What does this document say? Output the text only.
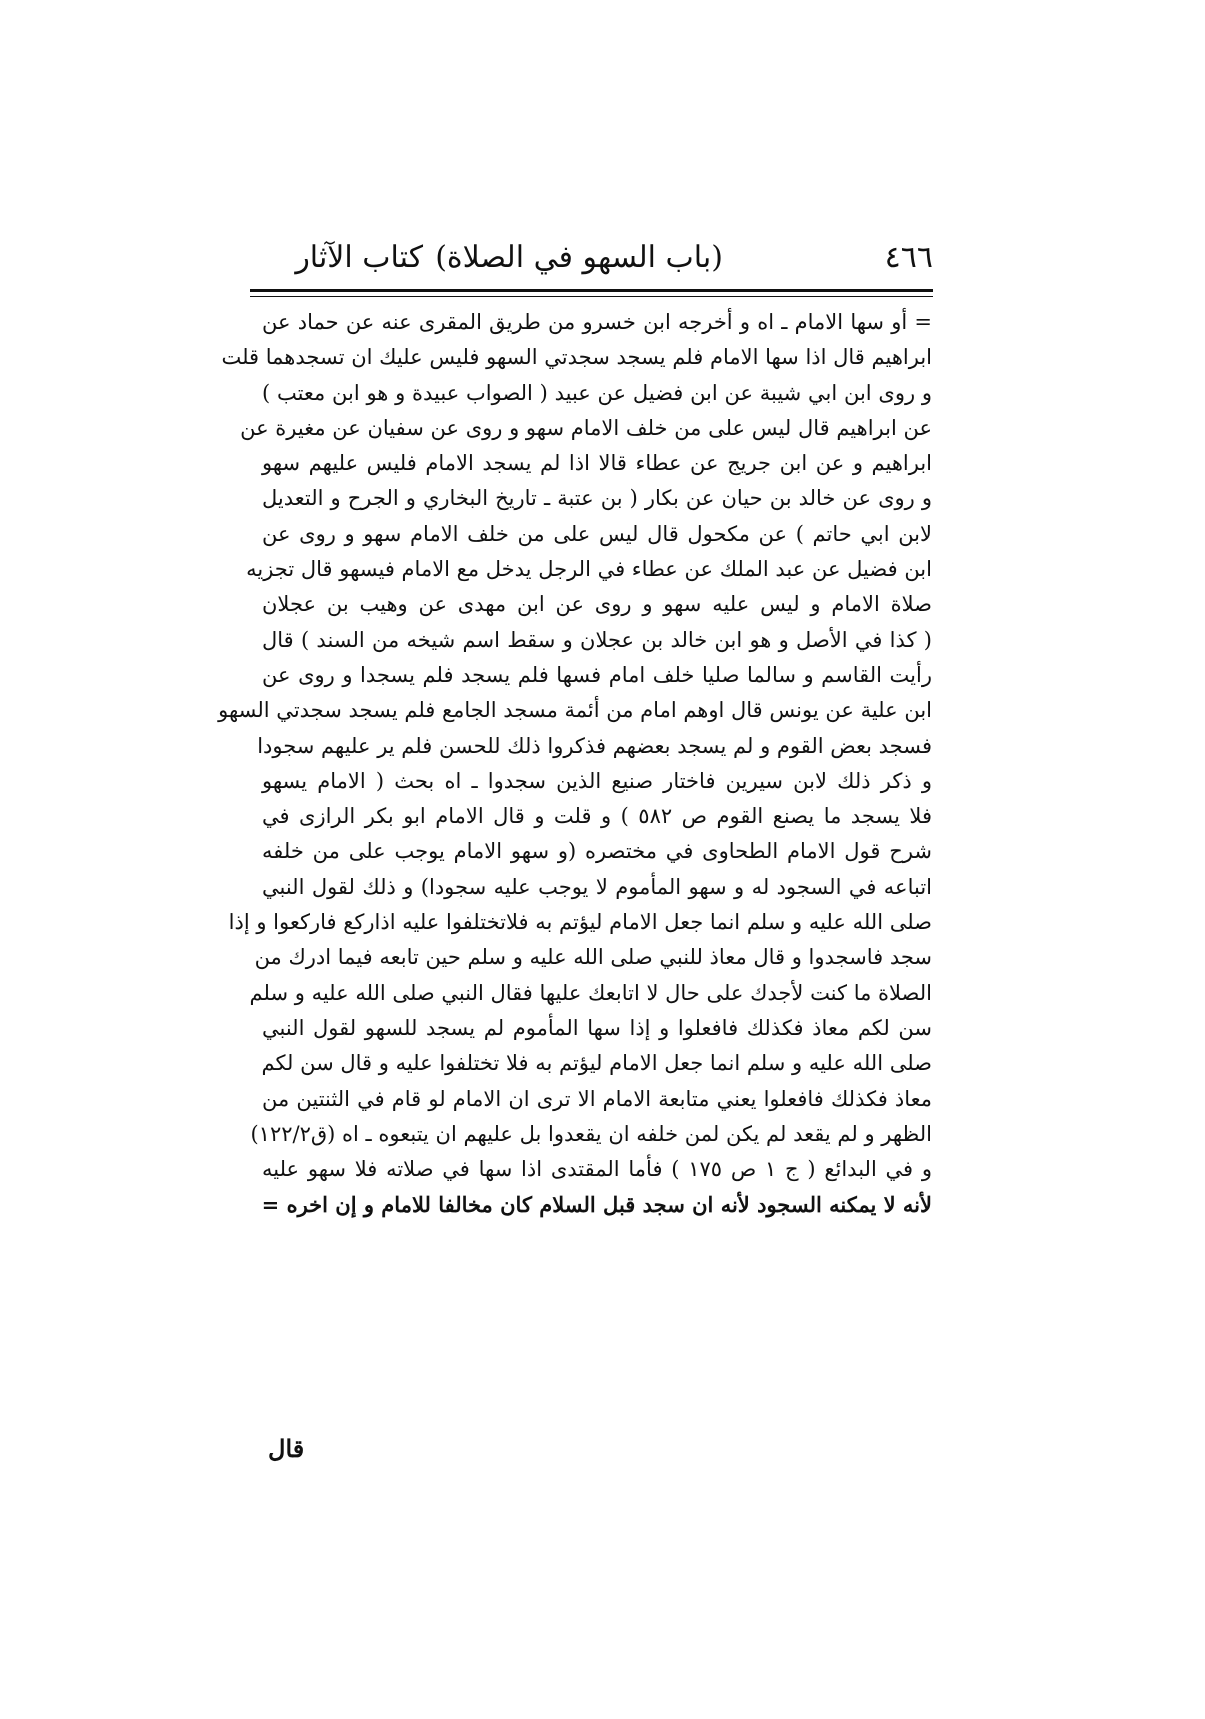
٤٦٦
(باب السهو في الصلاة)
كتاب الآثار
= أو سها الامام ـ اه و أخرجه ابن خسرو من طريق المقرى عنه عن حماد عن
ابراهيم قال اذا سها الامام فلم يسجد سجدتي السهو فليس عليك ان تسجدهما قلت
و روى ابن ابي شيبة عن ابن فضيل عن عبيد ( الصواب عبيدة و هو ابن معتب )
عن ابراهيم قال ليس على من خلف الامام سهو و روى عن سفيان عن مغيرة عن
ابراهيم و عن ابن جريج عن عطاء قالا اذا لم يسجد الامام فليس عليهم سهو
و روى عن خالد بن حيان عن بكار ( بن عتبة ـ تاريخ البخاري و الجرح و التعديل
لابن ابي حاتم ) عن مكحول قال ليس على من خلف الامام سهو و روى عن
ابن فضيل عن عبد الملك عن عطاء في الرجل يدخل مع الامام فيسهو قال تجزيه
صلاة الامام و ليس عليه سهو و روى عن ابن مهدى عن وهيب بن عجلان
( كذا في الأصل و هو ابن خالد بن عجلان و سقط اسم شيخه من السند ) قال
رأيت القاسم و سالما صليا خلف امام فسها فلم يسجد فلم يسجدا و روى عن
ابن علية عن يونس قال اوهم امام من أئمة مسجد الجامع فلم يسجد سجدتي السهو
فسجد بعض القوم و لم يسجد بعضهم فذكروا ذلك للحسن فلم ير عليهم سجودا
و ذكر ذلك لابن سيرين فاختار صنيع الذين سجدوا ـ اه بحث ( الامام يسهو
فلا يسجد ما يصنع القوم ص ٥٨٢ ) و قلت و قال الامام ابو بكر الرازى في
شرح قول الامام الطحاوى في مختصره (و سهو الامام يوجب على من خلفه
اتباعه في السجود له و سهو المأموم لا يوجب عليه سجودا) و ذلك لقول النبي
صلى الله عليه و سلم انما جعل الامام ليؤتم به فلاتختلفوا عليه اذاركع فاركعوا و إذا
سجد فاسجدوا و قال معاذ للنبي صلى الله عليه و سلم حين تابعه فيما ادرك من
الصلاة ما كنت لأجدك على حال لا اتابعك عليها فقال النبي صلى الله عليه و سلم
سن لكم معاذ فكذلك فافعلوا و إذا سها المأموم لم يسجد للسهو لقول النبي
صلى الله عليه و سلم انما جعل الامام ليؤتم به فلا تختلفوا عليه و قال سن لكم
معاذ فكذلك فافعلوا يعني متابعة الامام الا ترى ان الامام لو قام في الثنتين من
الظهر و لم يقعد لم يكن لمن خلفه ان يقعدوا بل عليهم ان يتبعوه ـ اه (ق١٢٢/٢)
و في البدائع ( ج ١ ص ١٧٥ ) فأما المقتدى اذا سها في صلاته فلا سهو عليه
لأنه لا يمكنه السجود لأنه ان سجد قبل السلام كان مخالفا للامام و إن اخره =
قال
